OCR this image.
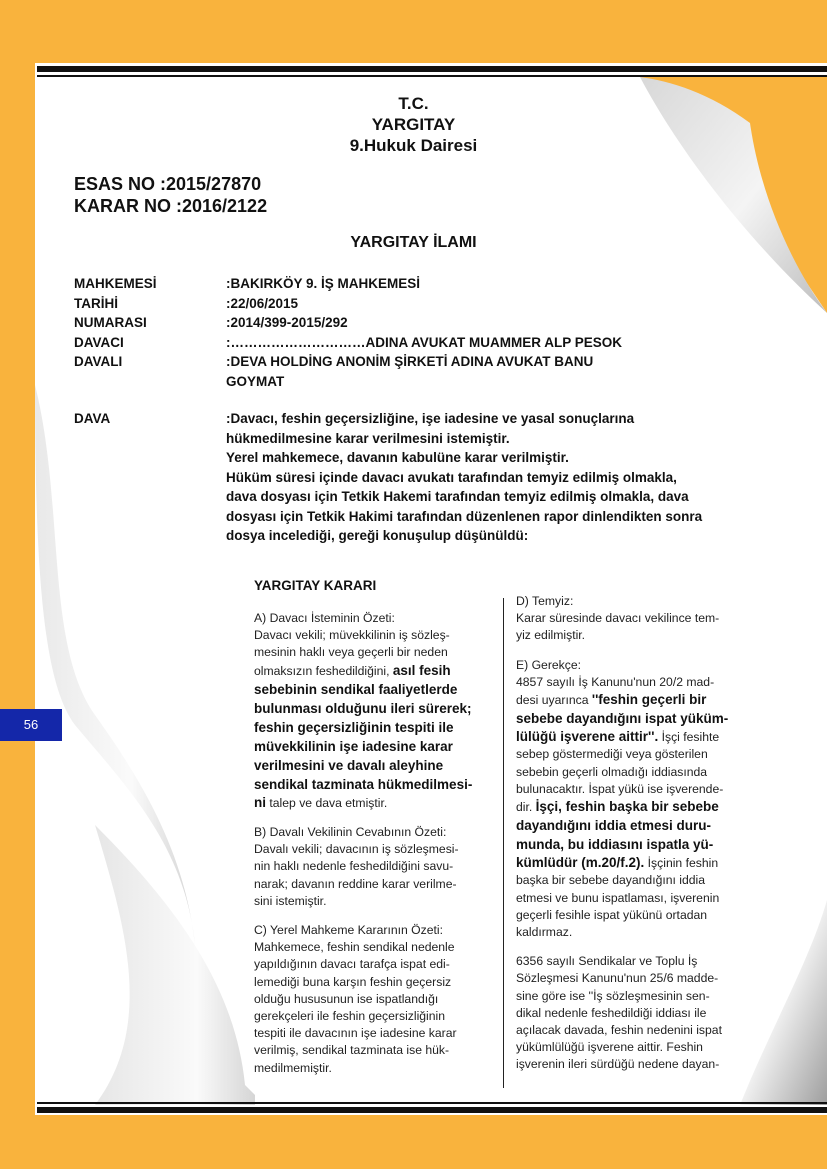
56
T.C.
YARGITAY
9.Hukuk Dairesi
ESAS NO :2015/27870
KARAR NO :2016/2122
YARGITAY İLAMI
MAHKEMESİ	:BAKIRKÖY 9. İŞ MAHKEMESİ
TARİHİ	:22/06/2015
NUMARASI	:2014/399-2015/292
DAVACI	:…………………………ADINA AVUKAT MUAMMER ALP PESOK
DAVALI	:DEVA HOLDİNG ANONİM ŞİRKETİ ADINA AVUKAT BANU
GOYMAT
DAVA	:Davacı, feshin geçersizliğine, işe iadesine ve yasal sonuçlarına
hükmedilmesine karar verilmesini istemiştir.
Yerel mahkemece, davanın kabulüne karar verilmiştir.
Hüküm süresi içinde davacı avukatı tarafından temyiz edilmiş olmakla,
dava dosyası için Tetkik Hakemi tarafından temyiz edilmiş olmakla, dava
dosyası için Tetkik Hakimi tarafından düzenlenen rapor dinlendikten sonra
dosya incelediği, gereği konuşulup düşünüldü:
YARGITAY KARARI

A) Davacı İsteminin Özeti:

Davacı vekili; müvekkilinin iş sözleş-

mesinin haklı veya geçerli bir neden

olmaksızın feshedildiğini, asıl fesih

sebebinin sendikal faaliyetlerde

bulunması olduğunu ileri sürerek;

feshin geçersizliğinin tespiti ile

müvekkilinin işe iadesine karar

verilmesini ve davalı aleyhine

sendikal tazminata hükmedilmesi-

ni talep ve dava etmiştir.

B) Davalı Vekilinin Cevabının Özeti:

Davalı vekili; davacının iş sözleşmesi-

nin haklı nedenle feshedildiğini savu-

narak; davanın reddine karar verilme-

sini istemiştir.

C) Yerel Mahkeme Kararının Özeti:

Mahkemece, feshin sendikal nedenle

yapıldığının davacı tarafça ispat edi-

lemediği buna karşın feshin geçersiz

olduğu hususunun ise ispatlandığı

gerekçeleri ile feshin geçersizliğinin

tespiti ile davacının işe iadesine karar

verilmiş, sendikal tazminata ise hük-

medilmemiştir.

D) Temyiz:

Karar süresinde davacı vekilince tem-

yiz edilmiştir.

E) Gerekçe:

4857 sayılı İş Kanunu'nun 20/2 mad-

desi uyarınca ''feshin geçerli bir

sebebe dayandığını ispat yüküm-

lülüğü işverene aittir''. İşçi fesihte

sebep göstermediği veya gösterilen

sebebin geçerli olmadığı iddiasında

bulunacaktır. İspat yükü ise işverende-

dir. İşçi, feshin başka bir sebebe

dayandığını iddia etmesi duru-

munda, bu iddiasını ispatla yü-

kümlüdür (m.20/f.2). İşçinin feshin

başka bir sebebe dayandığını iddia

etmesi ve bunu ispatlaması, işverenin

geçerli fesihle ispat yükünü ortadan

kaldırmaz.

6356 sayılı Sendikalar ve Toplu İş

Sözleşmesi Kanunu'nun 25/6 madde-

sine göre ise ''İş sözleşmesinin sen-

dikal nedenle feshedildiği iddiası ile

açılacak davada, feshin nedenini ispat

yükümlülüğü işverene aittir. Feshin

işverenin ileri sürdüğü nedene dayan-
